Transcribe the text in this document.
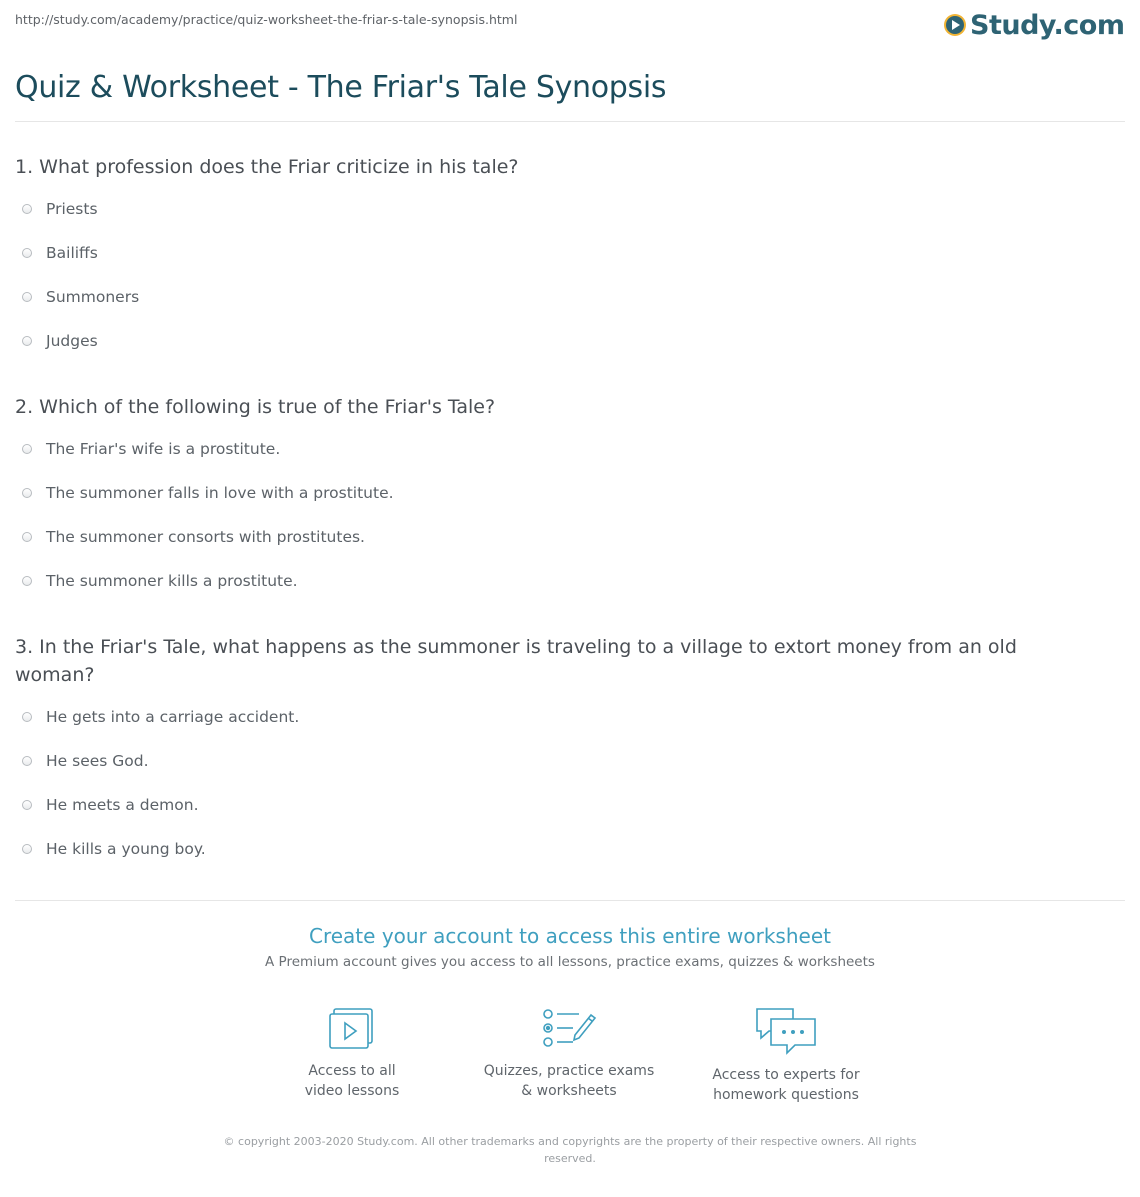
http://study.com/academy/practice/quiz-worksheet-the-friar-s-tale-synopsis.html	Study.com
Quiz & Worksheet - The Friar's Tale Synopsis
1. What profession does the Friar criticize in his tale?
Priests
Bailiffs
Summoners
Judges
2. Which of the following is true of the Friar's Tale?
The Friar's wife is a prostitute.
The summoner falls in love with a prostitute.
The summoner consorts with prostitutes.
The summoner kills a prostitute.
3. In the Friar's Tale, what happens as the summoner is traveling to a village to extort money from an old woman?
He gets into a carriage accident.
He sees God.
He meets a demon.
He kills a young boy.
Create your account to access this entire worksheet
A Premium account gives you access to all lessons, practice exams, quizzes & worksheets
Access to all
video lessons
Quizzes, practice exams
& worksheets
Access to experts for
homework questions
© copyright 2003-2020 Study.com. All other trademarks and copyrights are the property of their respective owners. All rights reserved.
